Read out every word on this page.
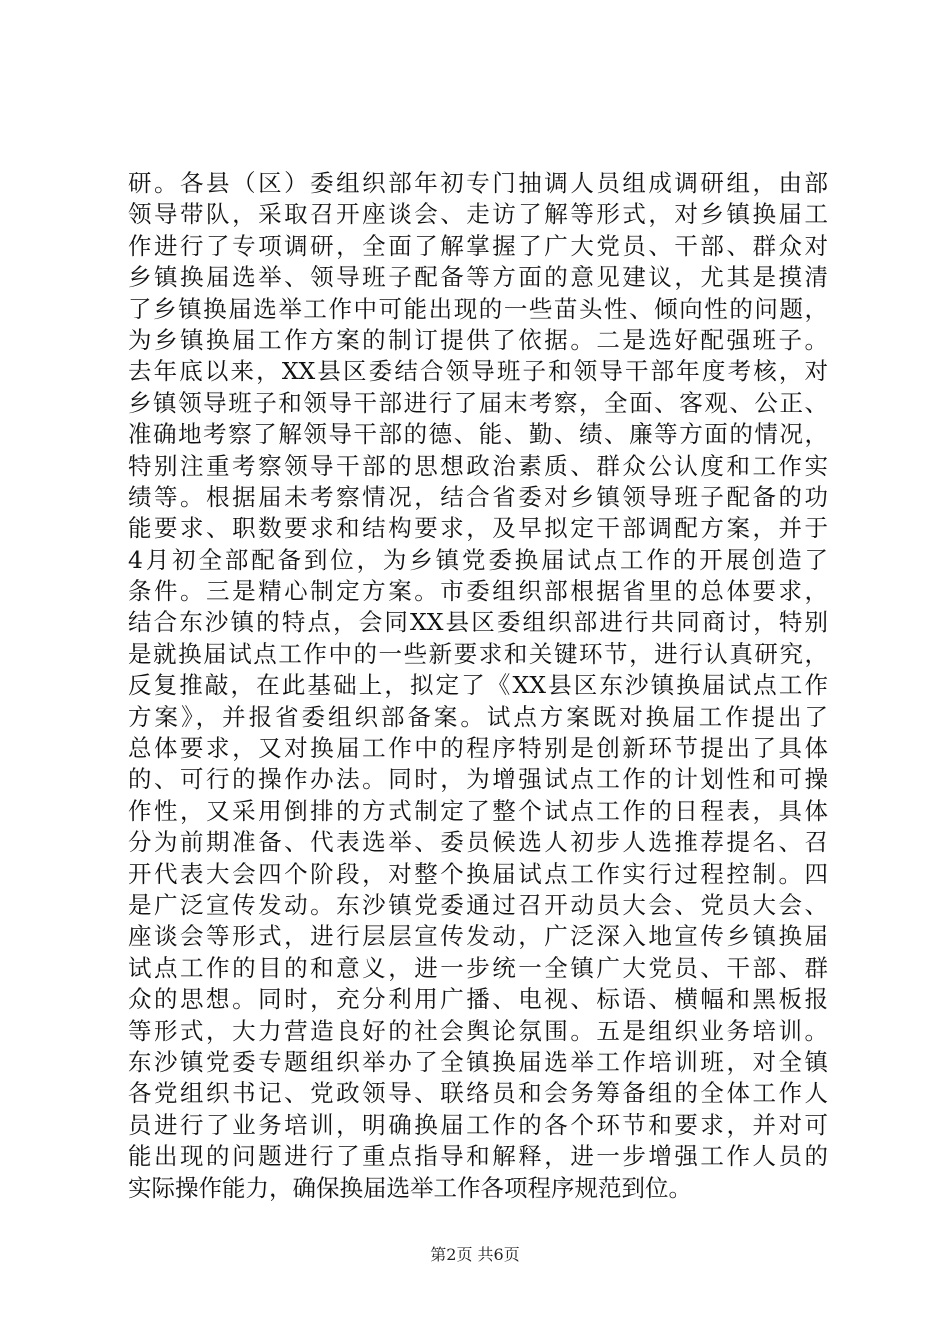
研。各县（区）委组织部年初专门抽调人员组成调研组，由部
领导带队，采取召开座谈会、走访了解等形式，对乡镇换届工
作进行了专项调研，全面了解掌握了广大党员、干部、群众对
乡镇换届选举、领导班子配备等方面的意见建议，尤其是摸清
了乡镇换届选举工作中可能出现的一些苗头性、倾向性的问题，
为乡镇换届工作方案的制订提供了依据。二是选好配强班子。
去年底以来，XX县区委结合领导班子和领导干部年度考核，对
乡镇领导班子和领导干部进行了届末考察，全面、客观、公正、
准确地考察了解领导干部的德、能、勤、绩、廉等方面的情况，
特别注重考察领导干部的思想政治素质、群众公认度和工作实
绩等。根据届未考察情况，结合省委对乡镇领导班子配备的功
能要求、职数要求和结构要求，及早拟定干部调配方案，并于
4月初全部配备到位，为乡镇党委换届试点工作的开展创造了
条件。三是精心制定方案。市委组织部根据省里的总体要求，
结合东沙镇的特点，会同XX县区委组织部进行共同商讨，特别
是就换届试点工作中的一些新要求和关键环节，进行认真研究，
反复推敲，在此基础上，拟定了《XX县区东沙镇换届试点工作
方案》，并报省委组织部备案。试点方案既对换届工作提出了
总体要求，又对换届工作中的程序特别是创新环节提出了具体
的、可行的操作办法。同时，为增强试点工作的计划性和可操
作性，又采用倒排的方式制定了整个试点工作的日程表，具体
分为前期准备、代表选举、委员候选人初步人选推荐提名、召
开代表大会四个阶段，对整个换届试点工作实行过程控制。四
是广泛宣传发动。东沙镇党委通过召开动员大会、党员大会、
座谈会等形式，进行层层宣传发动，广泛深入地宣传乡镇换届
试点工作的目的和意义，进一步统一全镇广大党员、干部、群
众的思想。同时，充分利用广播、电视、标语、横幅和黑板报
等形式，大力营造良好的社会舆论氛围。五是组织业务培训。
东沙镇党委专题组织举办了全镇换届选举工作培训班，对全镇
各党组织书记、党政领导、联络员和会务筹备组的全体工作人
员进行了业务培训，明确换届工作的各个环节和要求，并对可
能出现的问题进行了重点指导和解释，进一步增强工作人员的
实际操作能力，确保换届选举工作各项程序规范到位。
第2页 共6页
